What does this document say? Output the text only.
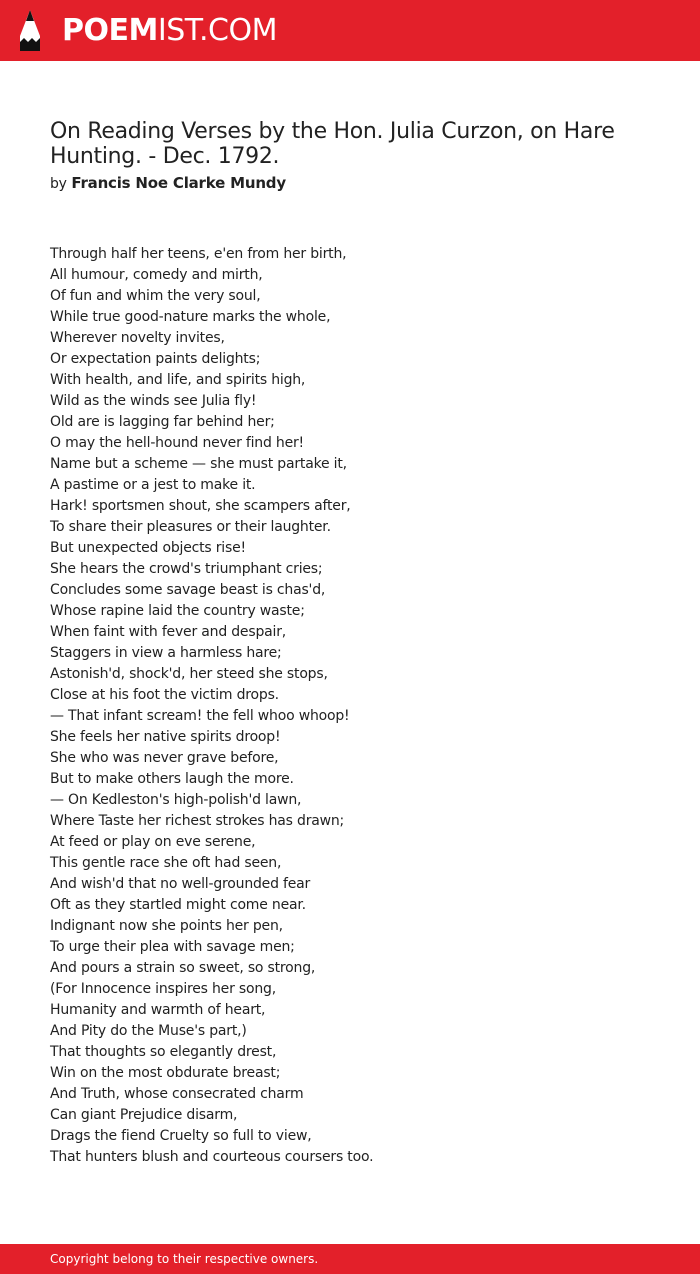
POEMIST.COM
On Reading Verses by the Hon. Julia Curzon, on Hare Hunting. - Dec. 1792.
by Francis Noe Clarke Mundy
Through half her teens, e'en from her birth,
All humour, comedy and mirth,
Of fun and whim the very soul,
While true good-nature marks the whole,
Wherever novelty invites,
Or expectation paints delights;
With health, and life, and spirits high,
Wild as the winds see Julia fly!
Old are is lagging far behind her;
O may the hell-hound never find her!
Name but a scheme — she must partake it,
A pastime or a jest to make it.
Hark! sportsmen shout, she scampers after,
To share their pleasures or their laughter.
But unexpected objects rise!
She hears the crowd's triumphant cries;
Concludes some savage beast is chas'd,
Whose rapine laid the country waste;
When faint with fever and despair,
Staggers in view a harmless hare;
Astonish'd, shock'd, her steed she stops,
Close at his foot the victim drops.
— That infant scream! the fell whoo whoop!
She feels her native spirits droop!
She who was never grave before,
But to make others laugh the more.
— On Kedleston's high-polish'd lawn,
Where Taste her richest strokes has drawn;
At feed or play on eve serene,
This gentle race she oft had seen,
And wish'd that no well-grounded fear
Oft as they startled might come near.
Indignant now she points her pen,
To urge their plea with savage men;
And pours a strain so sweet, so strong,
(For Innocence inspires her song,
Humanity and warmth of heart,
And Pity do the Muse's part,)
That thoughts so elegantly drest,
Win on the most obdurate breast;
And Truth, whose consecrated charm
Can giant Prejudice disarm,
Drags the fiend Cruelty so full to view,
That hunters blush and courteous coursers too.
Copyright belong to their respective owners.
